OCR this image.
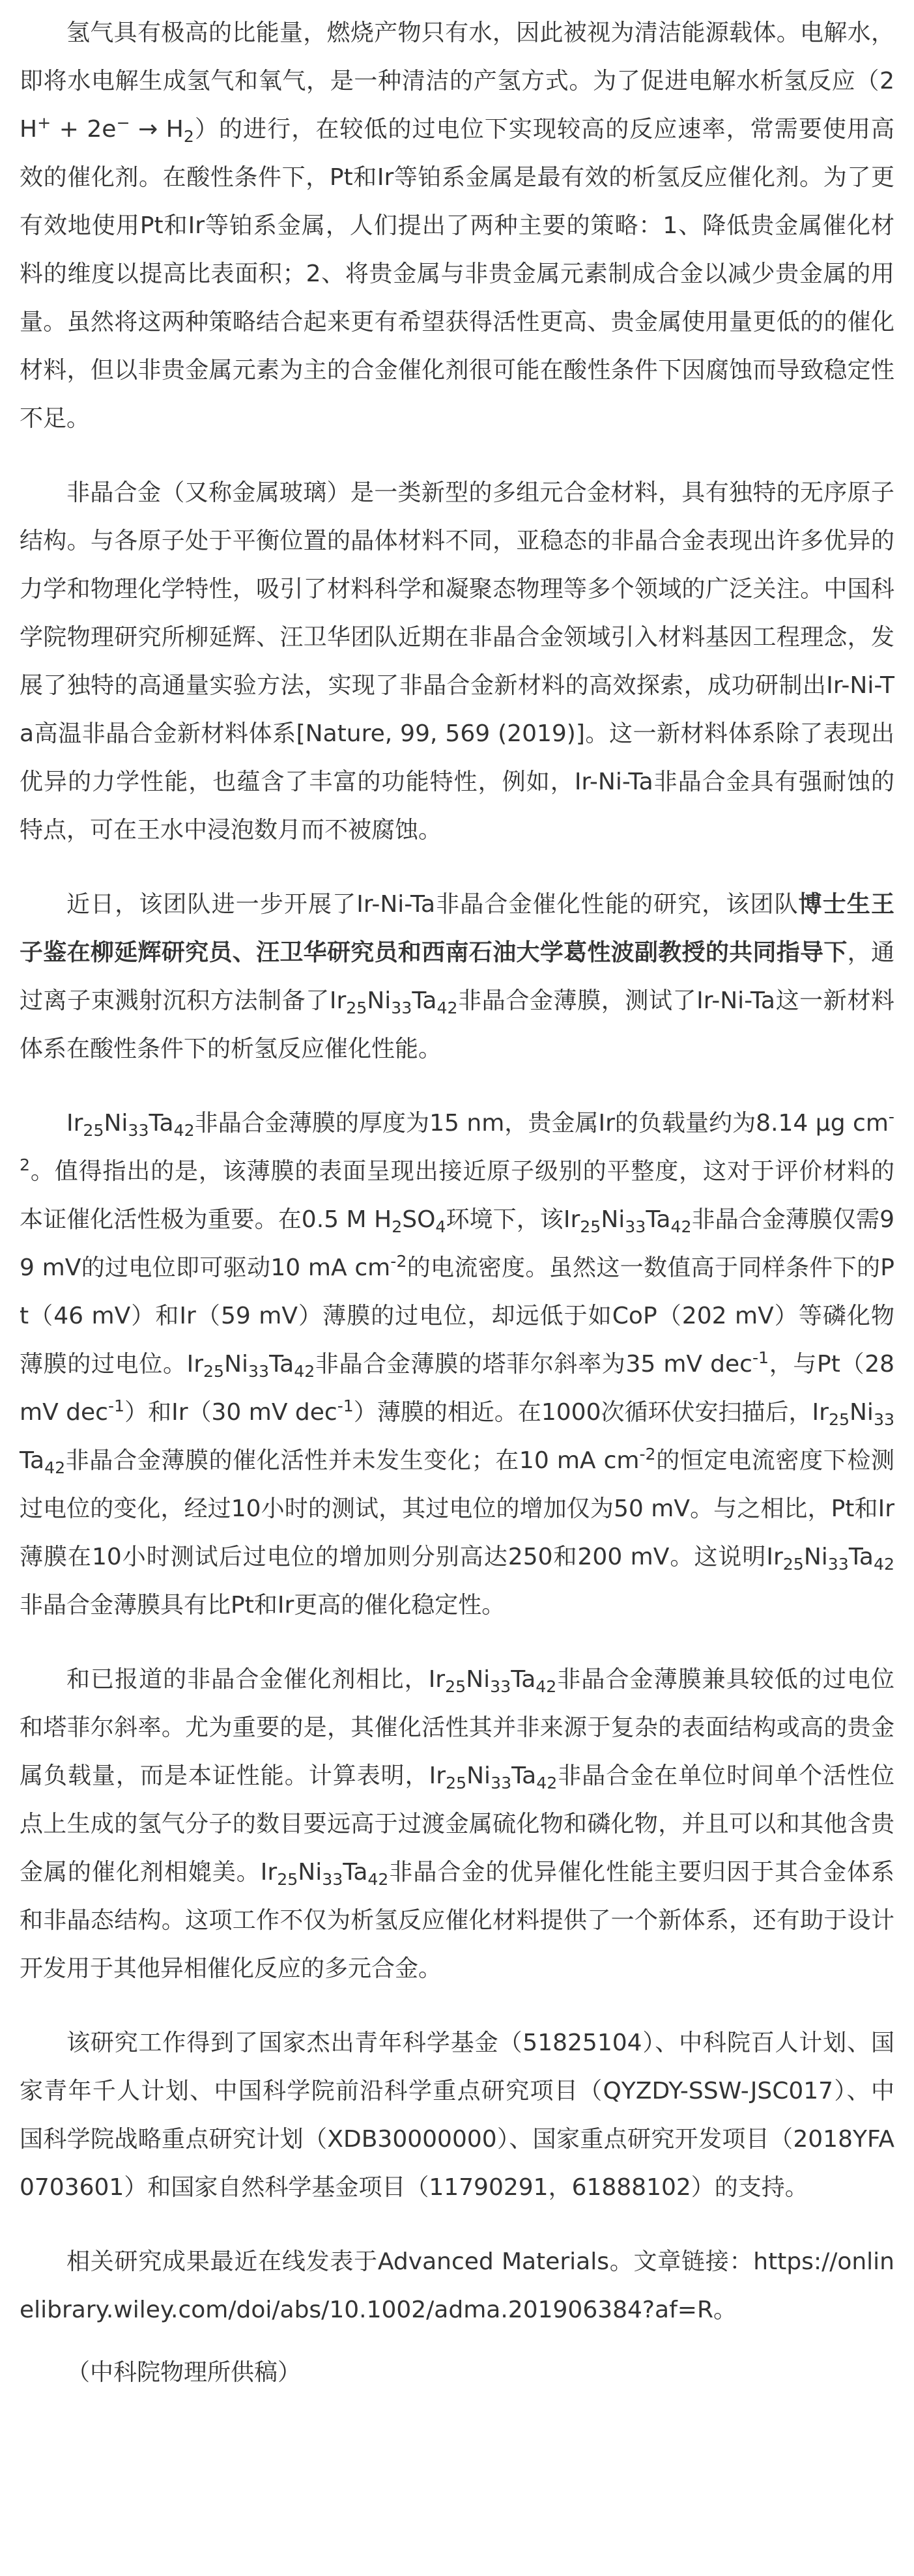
氢气具有极高的比能量，燃烧产物只有水，因此被视为清洁能源载体。电解水，即将水电解生成氢气和氧气，是一种清洁的产氢方式。为了促进电解水析氢反应$(2H^+ + 2e^- \to H_2)$的进行，在较低的过电位下实现较高的反应速率，常需要使用高效的催化剂。在酸性条件下，Pt和Ir等铂系金属是最有效的析氢反应催化剂。为了更有效地使用Pt和Ir等铂系金属，人们提出了两种主要的策略：1、降低贵金属催化材料的维度以提高比表面积；2、将贵金属与非贵金属元素制成合金以减少贵金属的用量。虽然将这两种策略结合起来更有希望获得活性更高、贵金属使用量更低的的催化材料，但以非贵金属元素为主的合金催化剂很可能在酸性条件下因腐蚀而导致稳定性不足。

非晶合金（又称金属玻璃）是一类新型的多组元合金材料，具有独特的无序原子结构。与各原子处于平衡位置的晶体材料不同，亚稳态的非晶合金表现出许多优异的力学和物理化学特性，吸引了材料科学和凝聚态物理等多个领域的广泛关注。中国科学院物理研究所柳延辉、汪卫华团队近期在非晶合金领域引入材料基因工程理念，发展了独特的高通量实验方法，实现了非晶合金新材料的高效探索，成功研制出Ir-Ni-Ta高温非晶合金新材料体系[Nature, 99, 569 (2019)]。这一新材料体系除了表现出优异的力学性能，也蕴含了丰富的功能特性，例如，Ir-Ni-Ta非晶合金具有强耐蚀的特点，可在王水中浸泡数月而不被腐蚀。

近日，该团队进一步开展了Ir-Ni-Ta非晶合金催化性能的研究，该团队博士生王子鉴在柳延辉研究员、汪卫华研究员和西南石油大学葛性波副教授的共同指导下，通过离子束溅射沉积方法制备了$Ir_{25}Ni_{33}Ta_{42}$非晶合金薄膜，测试了Ir-Ni-Ta这一新材料体系在酸性条件下的析氢反应催化性能。

$Ir_{25}Ni_{33}Ta_{42}$非晶合金薄膜的厚度为15 nm，贵金属Ir的负载量约为8.14 μg $cm^{-2}$。值得指出的是，该薄膜的表面呈现出接近原子级别的平整度，这对于评价材料的本证催化活性极为重要。在0.5 M $H_2SO_4$环境下，该$Ir_{25}Ni_{33}Ta_{42}$非晶合金薄膜仅需99 mV的过电位即可驱动10 mA $cm^{-2}$的电流密度。虽然这一数值高于同样条件下的Pt（46 mV）和Ir（59 mV）薄膜的过电位，却远低于如CoP（202 mV）等磷化物薄膜的过电位。$Ir_{25}Ni_{33}Ta_{42}$非晶合金薄膜的塔菲尔斜率为35 mV dec$^{-1}$，与Pt（28 mV dec$^{-1}$）和Ir（30 mV dec$^{-1}$）薄膜的相近。在1000次循环伏安扫描后，$Ir_{25}Ni_{33}Ta_{42}$非晶合金薄膜的催化活性并未发生变化；在10 mA $cm^{-2}$的恒定电流密度下检测过电位的变化，经过10小时的测试，其过电位的增加仅为50 mV。与之相比，Pt和Ir薄膜在10小时测试后过电位的增加则分别高达250和200 mV。这说明$Ir_{25}Ni_{33}Ta_{42}$非晶合金薄膜具有比Pt和Ir更高的催化稳定性。

和已报道的非晶合金催化剂相比，$Ir_{25}Ni_{33}Ta_{42}$非晶合金薄膜兼具较低的过电位和塔菲尔斜率。尤为重要的是，其催化活性其并非来源于复杂的表面结构或高的贵金属负载量，而是本证性能。计算表明，$Ir_{25}Ni_{33}Ta_{42}$非晶合金在单位时间单个活性位点上生成的氢气分子的数目要远高于过渡金属硫化物和磷化物，并且可以和其他含贵金属的催化剂相媲美。$Ir_{25}Ni_{33}Ta_{42}$非晶合金的优异催化性能主要归因于其合金体系和非晶态结构。这项工作不仅为析氢反应催化材料提供了一个新体系，还有助于设计开发用于其他异相催化反应的多元合金。

该研究工作得到了国家杰出青年科学基金（51825104）、中科院百人计划、国家青年千人计划、中国科学院前沿科学重点研究项目（QYZDY-SSW-JSC017）、中国科学院战略重点研究计划（XDB30000000）、国家重点研究开发项目（2018YFA0703601）和国家自然科学基金项目（11790291，61888102）的支持。

相关研究成果最近在线发表于Advanced Materials。文章链接：https://onlinelibrary.wiley.com/doi/abs/10.1002/adma.201906384?af=R。

（中科院物理所供稿）
